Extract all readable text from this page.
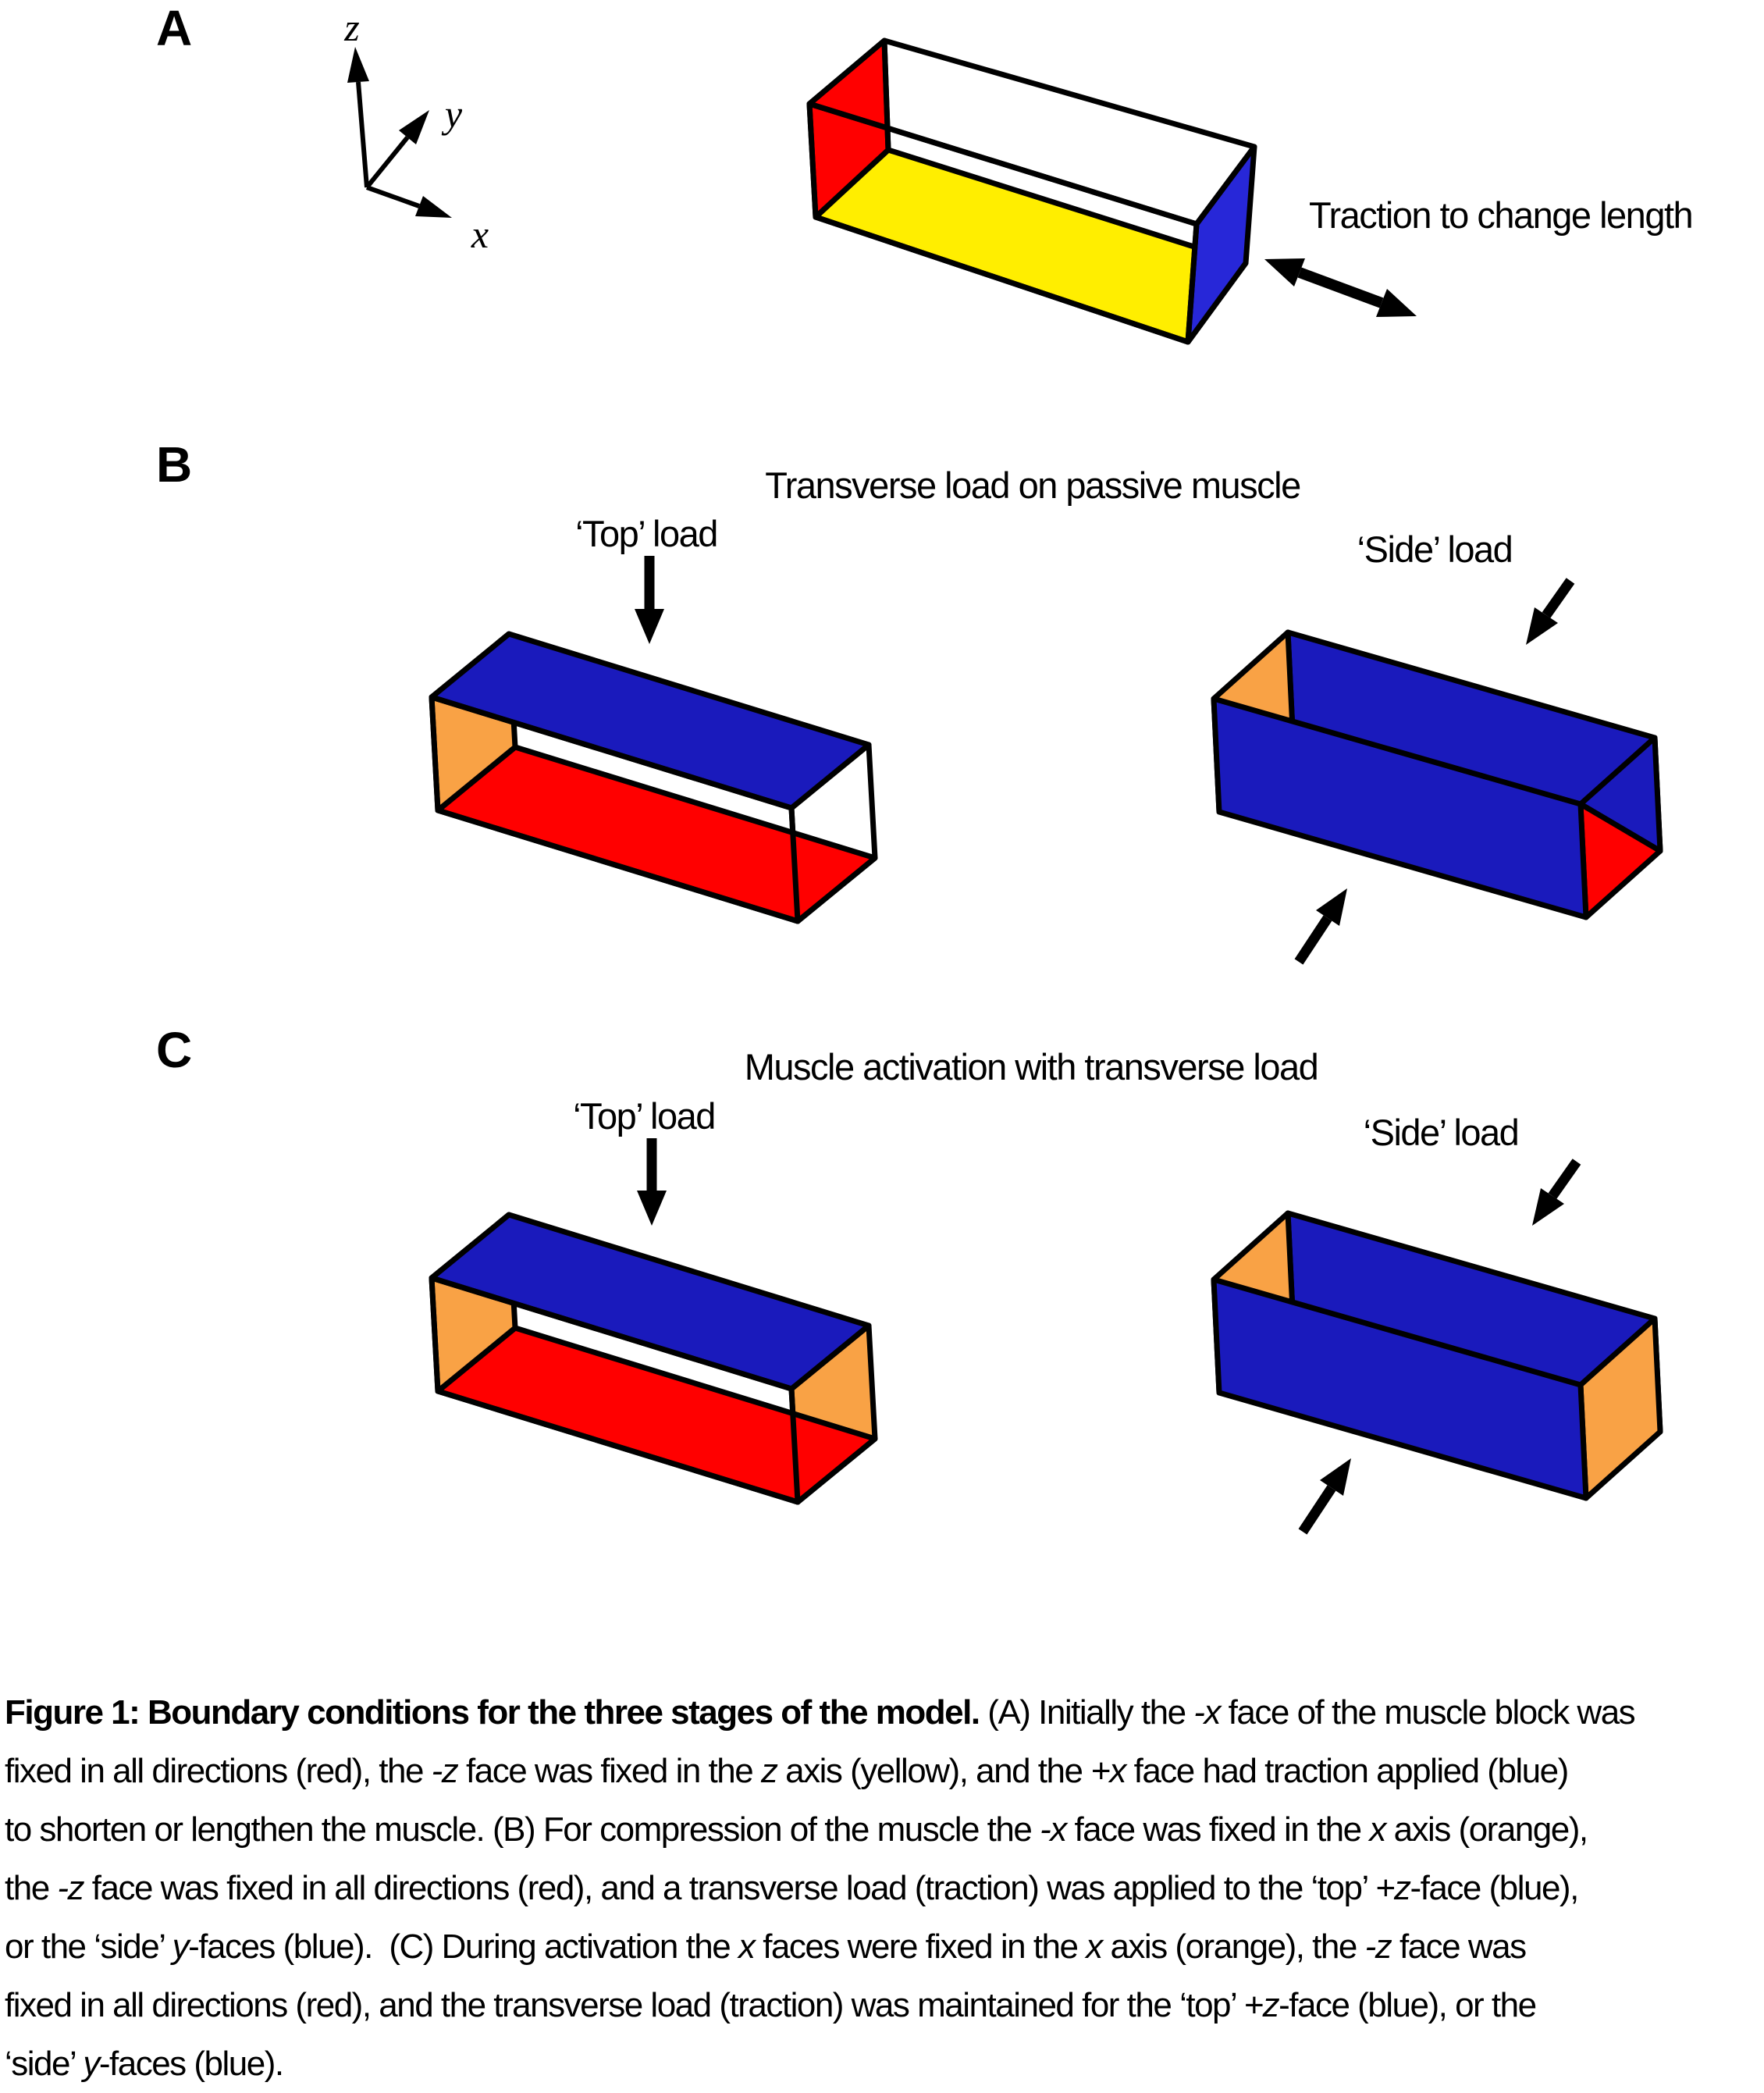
A	z
y
x	Traction to change length
B	Transverse load on passive muscle
‘Top’ load	‘Side’ load
C	Muscle activation with transverse load
‘Top’ load	‘Side’ load
Figure 1: Boundary conditions for the three stages of the model. (A) Initially the -x face of the muscle block was
fixed in all directions (red), the -z face was fixed in the z axis (yellow), and the +x face had traction applied (blue)
to shorten or lengthen the muscle. (B) For compression of the muscle the -x face was fixed in the x axis (orange),
the -z face was fixed in all directions (red), and a transverse load (traction) was applied to the ‘top’ +z-face (blue),
or the ‘side’ y-faces (blue).  (C) During activation the x faces were fixed in the x axis (orange), the -z face was
fixed in all directions (red), and the transverse load (traction) was maintained for the ‘top’ +z-face (blue), or the
‘side’ y-faces (blue).
